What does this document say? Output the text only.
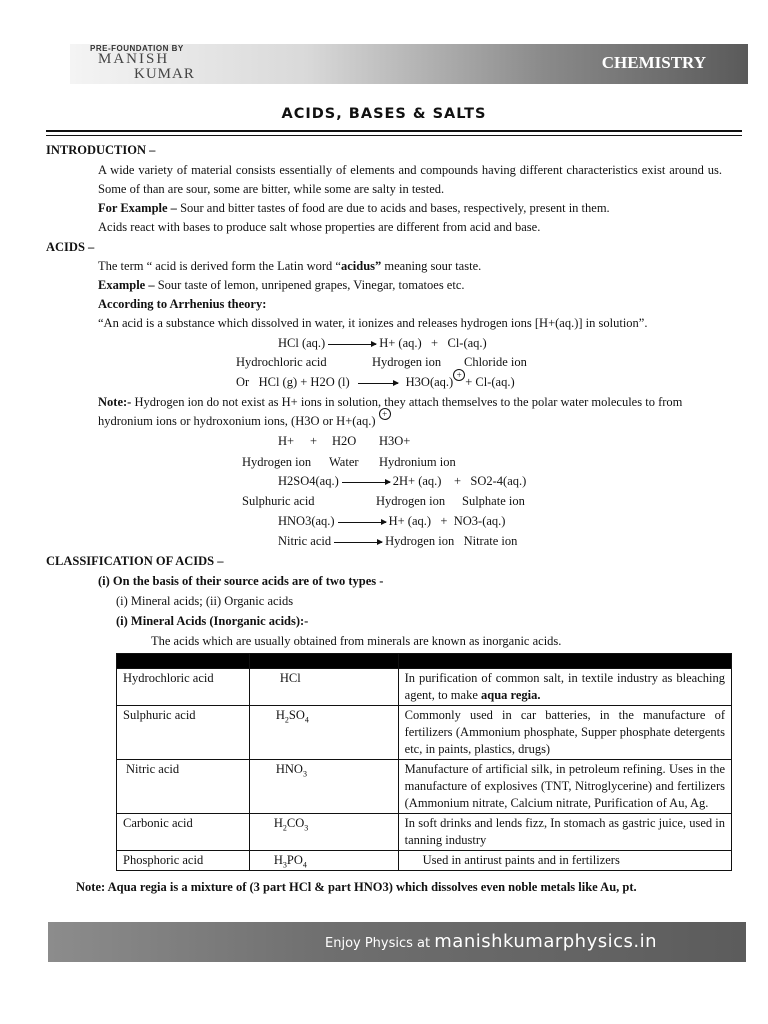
PRE-FOUNDATION BY
MANISH
KUMAR
CHEMISTRY
ACIDS, BASES & SALTS
INTRODUCTION –
A wide variety of material consists essentially of elements and compounds having different characteristics exist around us. Some of than are sour, some are bitter, while some are salty in tested.
For Example – Sour and bitter tastes of food are due to acids and bases, respectively, present in them.
Acids react with bases to produce salt whose properties are different from acid and base.
ACIDS –
The term “ acid is derived form the Latin word “acidus” meaning sour taste.
Example – Sour taste of lemon, unripened grapes, Vinegar, tomatoes etc.
According to Arrhenius theory:
“An acid is a substance which dissolved in water, it ionizes and releases hydrogen ions [H+(aq.)] in solution”.
HCl (aq.) → H+ (aq.) + Cl-(aq.)
Hydrochloric acid	Hydrogen ion Chloride ion
Or HCl (g) + H2O (l) → H3O(aq.) + + Cl-(aq.)
Note:- Hydrogen ion do not exist as H+ ions in solution, they attach themselves to the polar water molecules to from
hydronium ions or hydroxonium ions, (H3O or H+(aq.) +
H+ + H2O H3O+
Hydrogen ion Water Hydronium ion
H2SO4(aq.) → 2H+ (aq.) + SO2-4(aq.)
Sulphuric acid	Hydrogen ion Sulphate ion
HNO3(aq.) → H+ (aq.) + NO3-(aq.)
Nitric acid → Hydrogen ion Nitrate ion
CLASSIFICATION OF ACIDS –
(i) On the basis of their source acids are of two types -
(i) Mineral acids; (ii) Organic acids
(i) Mineral Acids (Inorganic acids):-
The acids which are usually obtained from minerals are known as inorganic acids.

Hydrochloric acid	HCl	In purification of common salt, in textile industry as bleaching agent, to make aqua regia.
Sulphuric acid	$H_2SO_4$	Commonly used in car batteries, in the manufacture of fertilizers (Ammonium phosphate, Supper phosphate detergents etc, in paints, plastics, drugs)
Nitric acid	$HNO_3$	Manufacture of artificial silk, in petroleum refining. Uses in the manufacture of explosives (TNT, Nitroglycerine) and fertilizers (Ammonium nitrate, Calcium nitrate, Purification of Au, Ag.
Carbonic acid	$H_2CO_3$	In soft drinks and lends fizz, In stomach as gastric juice, used in tanning industry
Phosphoric acid	$H_3PO_4$	Used in antirust paints and in fertilizers
Note: Aqua regia is a mixture of (3 part HCl & part HNO3) which dissolves even noble metals like Au, pt.
Enjoy Physics at manishkumarphysics.in
